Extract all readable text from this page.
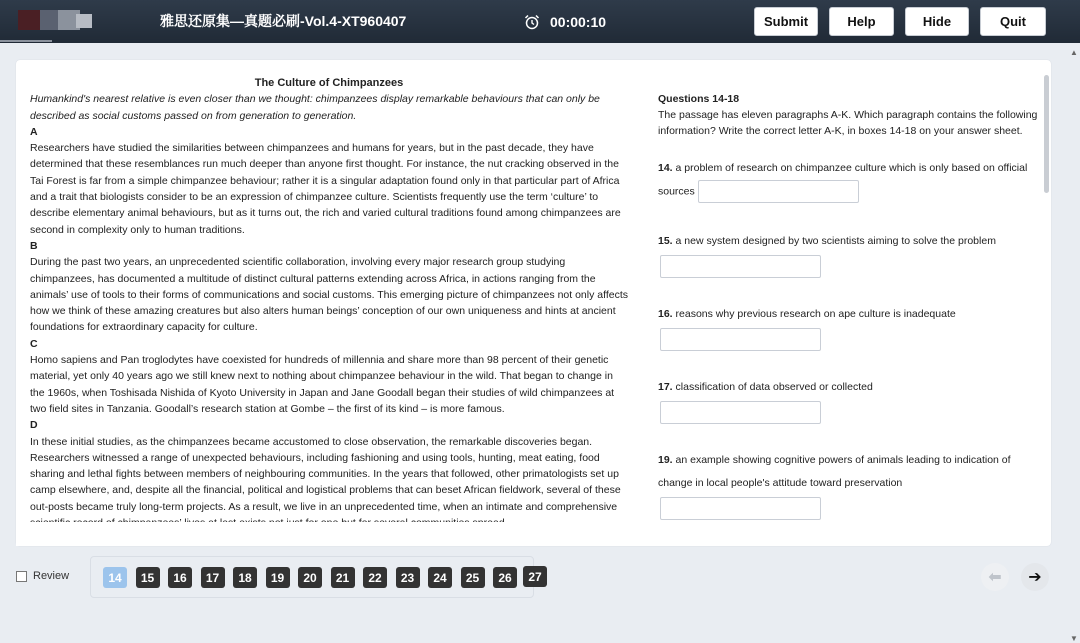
雅思还原集—真题必刷-Vol.4-XT960407	00:00:10	Submit	Help	Hide	Quit
The Culture of Chimpanzees
Humankind's nearest relative is even closer than we thought: chimpanzees display remarkable behaviours that can only be described as social customs passed on from generation to generation.
A
Researchers have studied the similarities between chimpanzees and humans for years, but in the past decade, they have determined that these resemblances run much deeper than anyone first thought. For instance, the nut cracking observed in the Tai Forest is far from a simple chimpanzee behaviour; rather it is a singular adaptation found only in that particular part of Africa and a trait that biologists consider to be an expression of chimpanzee culture. Scientists frequently use the term ‘culture’ to describe elementary animal behaviours, but as it turns out, the rich and varied cultural traditions found among chimpanzees are second in complexity only to human traditions.
B
During the past two years, an unprecedented scientific collaboration, involving every major research group studying chimpanzees, has documented a multitude of distinct cultural patterns extending across Africa, in actions ranging from the animals’ use of tools to their forms of communications and social customs. This emerging picture of chimpanzees not only affects how we think of these amazing creatures but also alters human beings’ conception of our own uniqueness and hints at ancient foundations for extraordinary capacity for culture.
C
Homo sapiens and Pan troglodytes have coexisted for hundreds of millennia and share more than 98 percent of their genetic material, yet only 40 years ago we still knew next to nothing about chimpanzee behaviour in the wild. That began to change in the 1960s, when Toshisada Nishida of Kyoto University in Japan and Jane Goodall began their studies of wild chimpanzees at two field sites in Tanzania. Goodall’s research station at Gombe – the first of its kind – is more famous.
D
In these initial studies, as the chimpanzees became accustomed to close observation, the remarkable discoveries began. Researchers witnessed a range of unexpected behaviours, including fashioning and using tools, hunting, meat eating, food sharing and lethal fights between members of neighbouring communities. In the years that followed, other primatologists set up camp elsewhere, and, despite all the financial, political and logistical problems that can beset African fieldwork, several of these out-posts became truly long-term projects. As a result, we live in an unprecedented time, when an intimate and comprehensive
Questions 14-18
The passage has eleven paragraphs A-K. Which paragraph contains the following information? Write the correct letter A-K, in boxes 14-18 on your answer sheet.
14. a problem of research on chimpanzee culture which is only based on official
sources
15. a new system designed by two scientists aiming to solve the problem
16. reasons why previous research on ape culture is inadequate
17. classification of data observed or collected
19. an example showing cognitive powers of animals leading to indication of
change in local people's attitude toward preservation
▲
▼
Review	14	15	16	17	18	19	20	21	22	23	24	25	26	27	⬅ ➔
